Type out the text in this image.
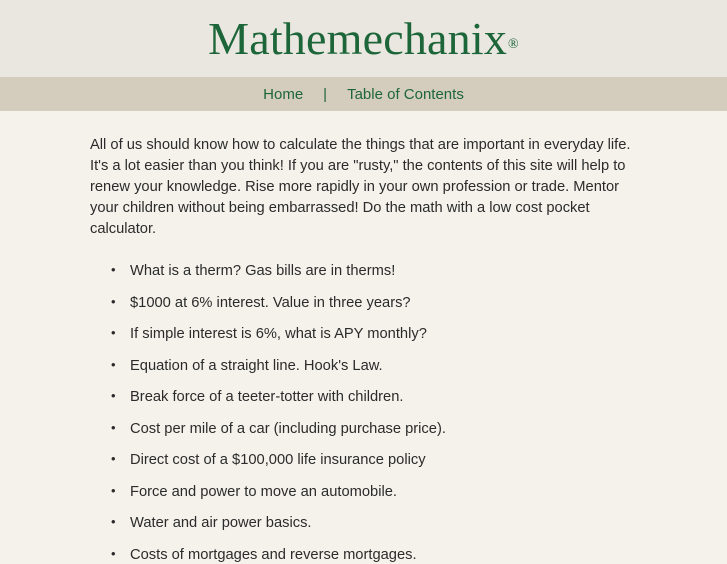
Mathemechanix®
Home	|	Table of Contents

All of us should know how to calculate the things that are important in everyday life. It's a lot easier than you think! If you are "rusty," the contents of this site will help to renew your knowledge. Rise more rapidly in your own profession or trade. Mentor your children without being embarrassed! Do the math with a low cost pocket calculator.

• What is a therm? Gas bills are in therms!
• $1000 at 6% interest. Value in three years?
• If simple interest is 6%, what is APY monthly?
• Equation of a straight line. Hook's Law.
• Break force of a teeter-totter with children.
• Cost per mile of a car (including purchase price).
• Direct cost of a $100,000 life insurance policy
• Force and power to move an automobile.
• Water and air power basics.
• Costs of mortgages and reverse mortgages.
